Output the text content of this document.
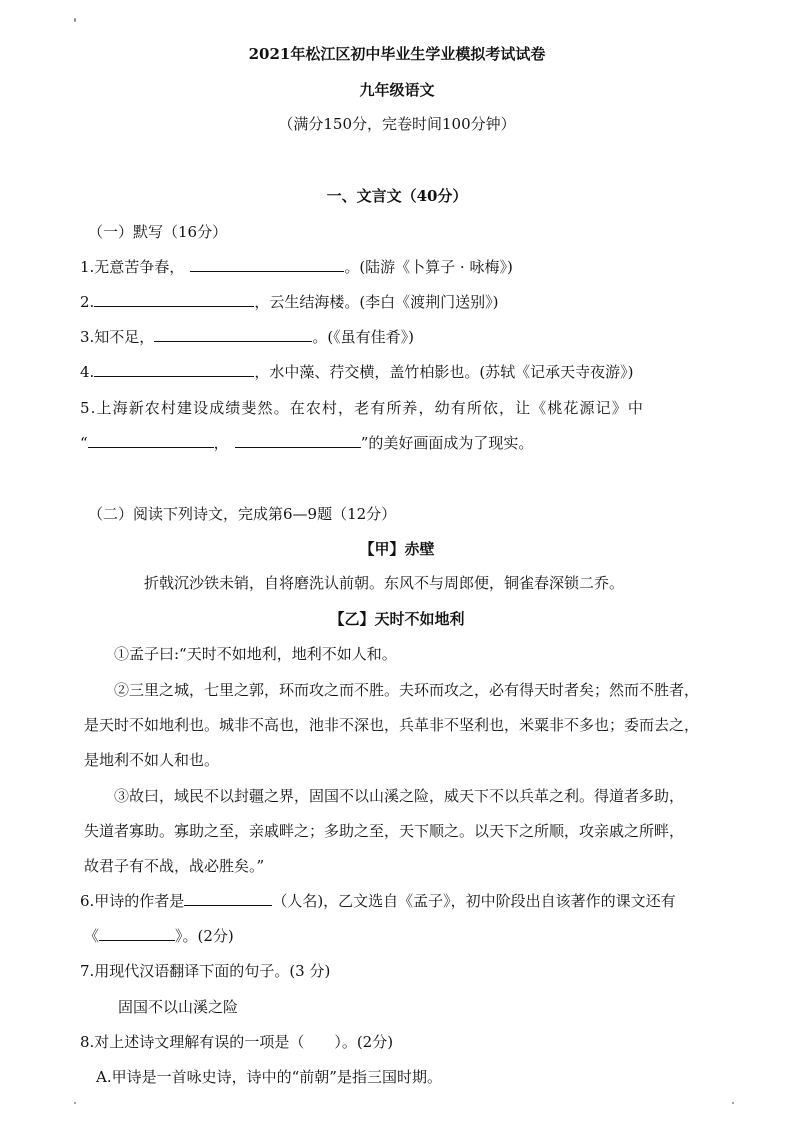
2021年松江区初中毕业生学业模拟考试试卷
九年级语文
（满分150分，完卷时间100分钟）
一、文言文（40分）
（一）默写（16分）
1.无意苦争春，	。(陆游《卜算子 · 咏梅》)
2.	，云生结海楼。(李白《渡荆门送别》)
3.知不足，	。(《虽有佳肴》)
4.	，水中藻、荇交横，盖竹柏影也。(苏轼《记承天寺夜游》)
5.上海新农村建设成绩斐然。在农村，老有所养，幼有所依，让《桃花源记》中
“	，	”的美好画面成为了现实。
（二）阅读下列诗文，完成第6—9题（12分）
【甲】赤壁
折戟沉沙铁未销，自将磨洗认前朝。东风不与周郎便，铜雀春深锁二乔。
【乙】天时不如地利
①孟子曰:“天时不如地利，地利不如人和。
②三里之城，七里之郭，环而攻之而不胜。夫环而攻之，必有得天时者矣；然而不胜者，
是天时不如地利也。城非不高也，池非不深也，兵革非不坚利也，米粟非不多也；委而去之，
是地利不如人和也。
③故曰，域民不以封疆之界，固国不以山溪之险，威天下不以兵革之利。得道者多助，
失道者寡助。寡助之至，亲戚畔之；多助之至，天下顺之。以天下之所顺，攻亲戚之所畔，
故君子有不战，战必胜矣。”
6.甲诗的作者是	（人名)，乙文选自《孟子》，初中阶段出自该著作的课文还有
《	》。(2分)
7.用现代汉语翻译下面的句子。(3 分)
固国不以山溪之险
8.对上述诗文理解有误的一项是（　　）。(2分)
A.甲诗是一首咏史诗，诗中的“前朝”是指三国时期。
